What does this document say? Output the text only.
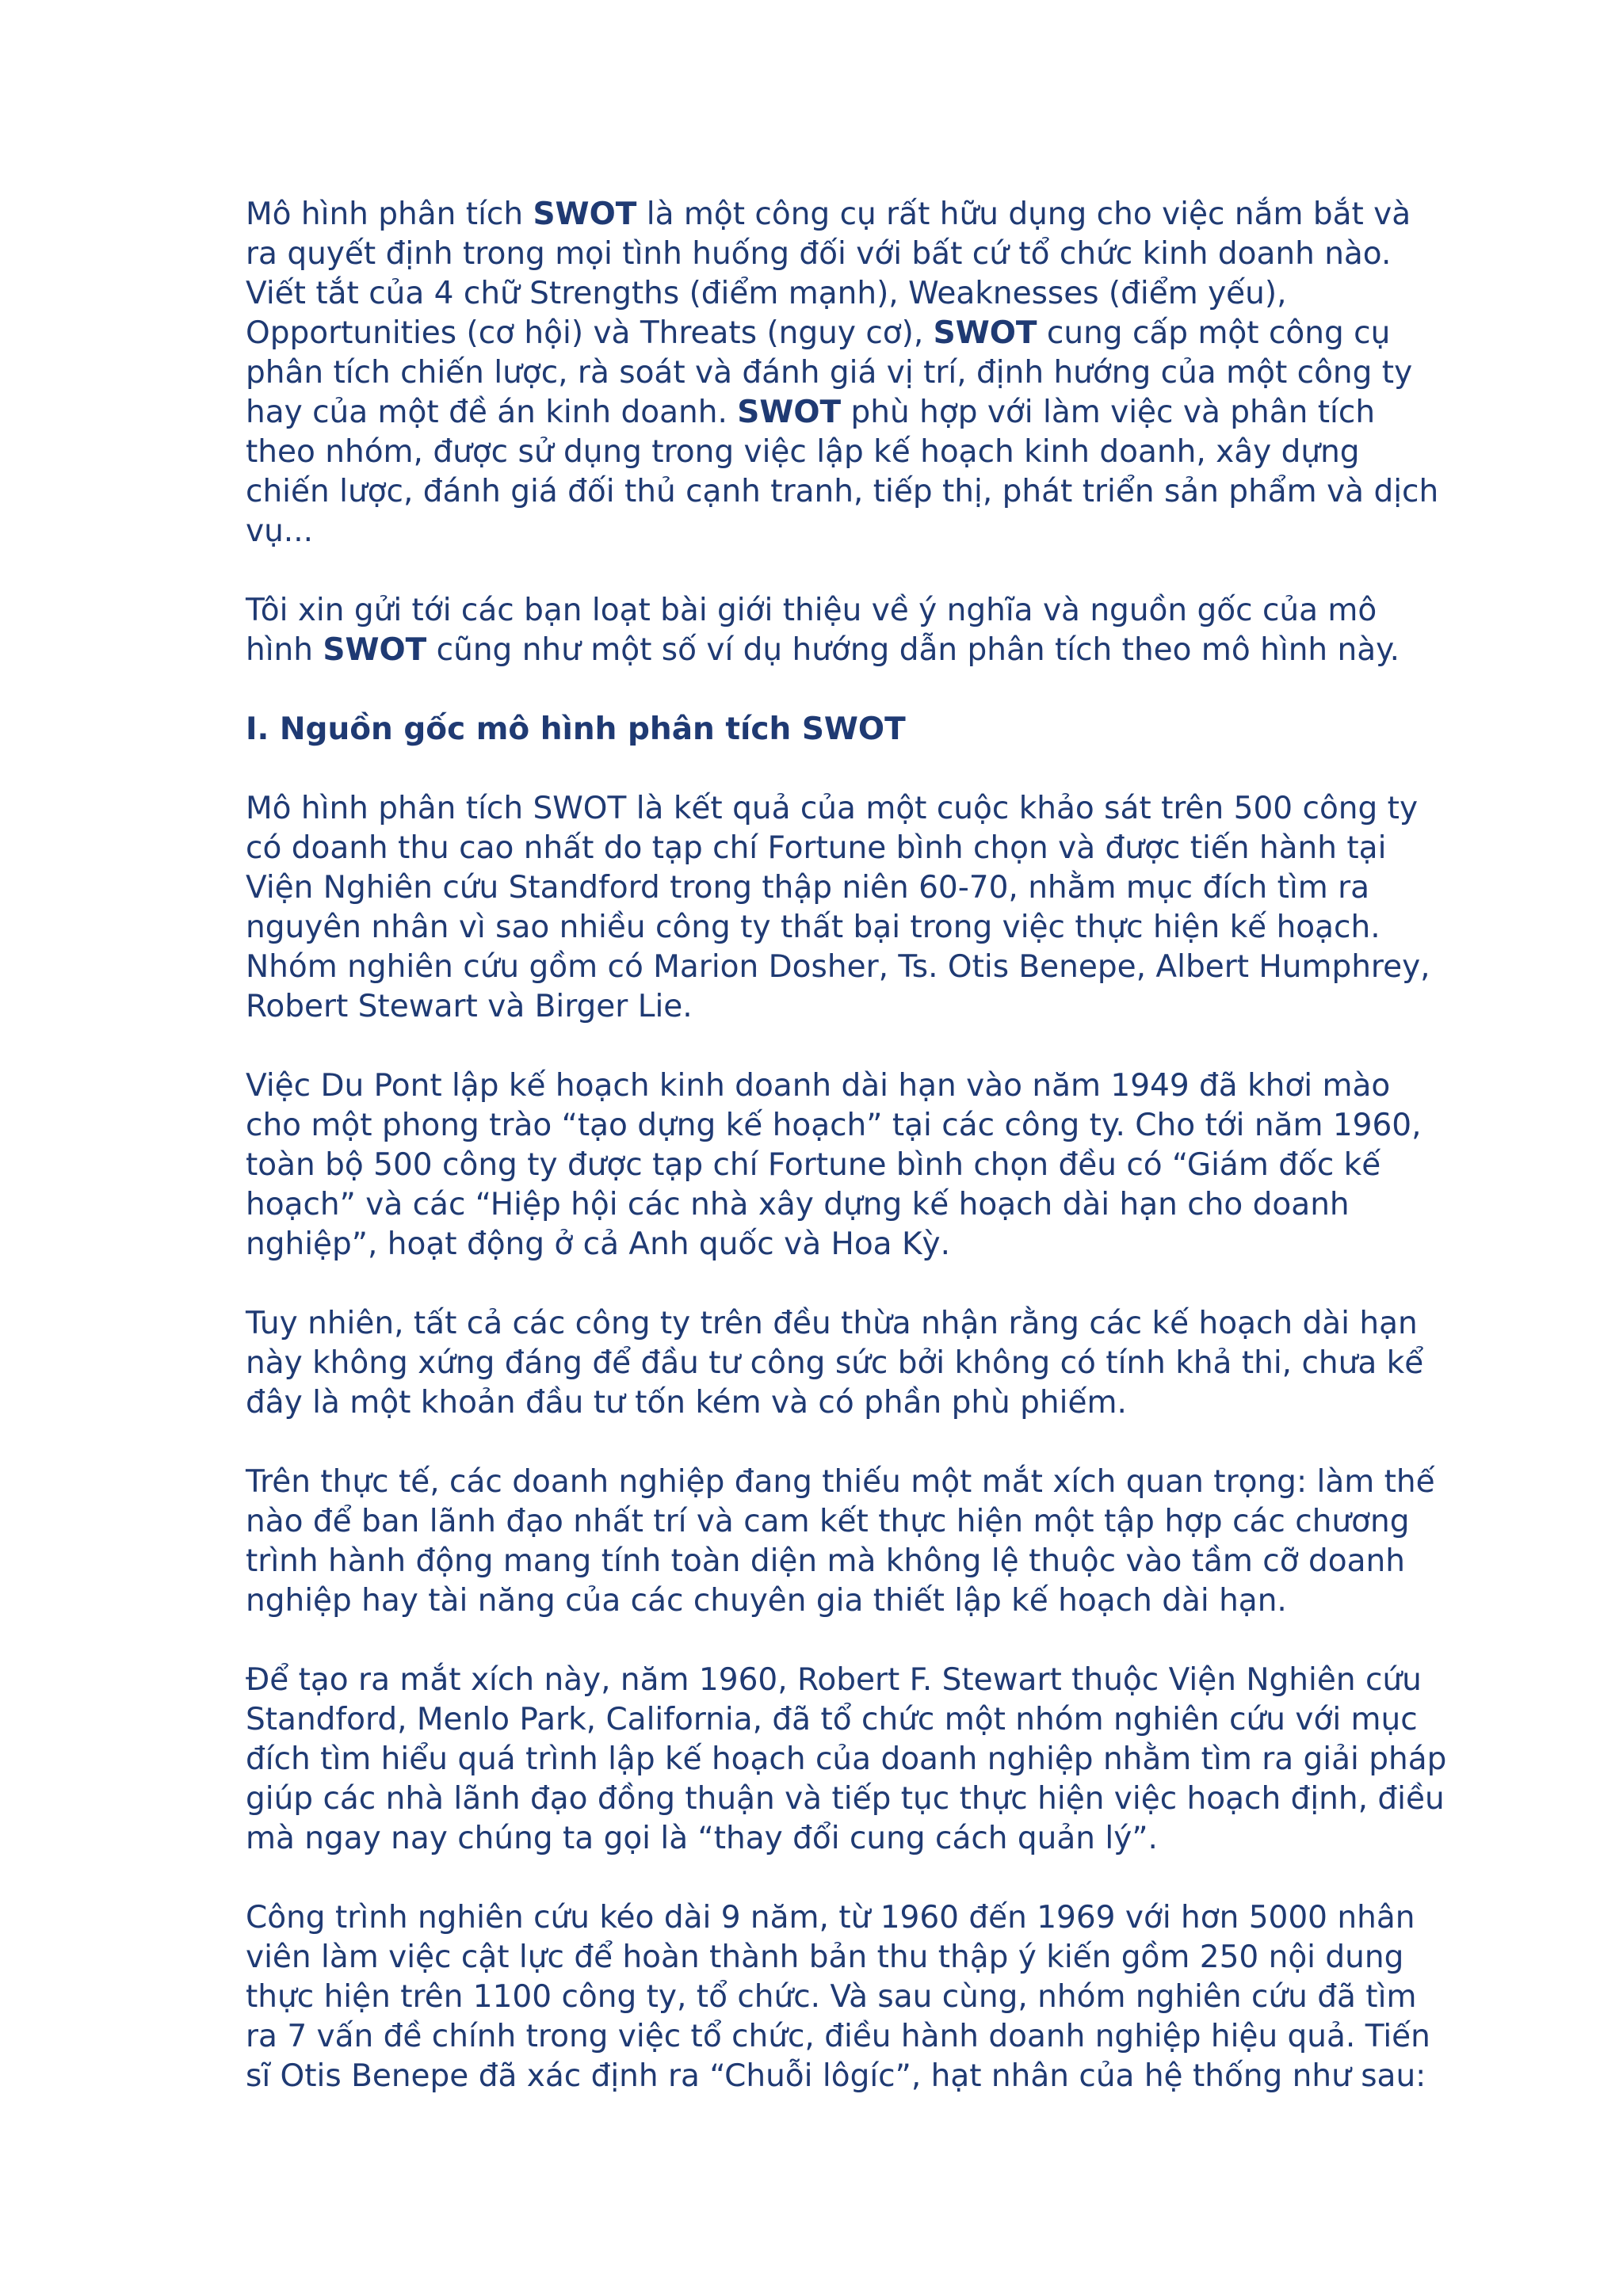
Mô hình phân tích SWOT là một công cụ rất hữu dụng cho việc nắm bắt và
ra quyết định trong mọi tình huống đối với bất cứ tổ chức kinh doanh nào.
Viết tắt của 4 chữ Strengths (điểm mạnh), Weaknesses (điểm yếu),
Opportunities (cơ hội) và Threats (nguy cơ), SWOT cung cấp một công cụ
phân tích chiến lược, rà soát và đánh giá vị trí, định hướng của một công ty
hay của một đề án kinh doanh. SWOT phù hợp với làm việc và phân tích
theo nhóm, được sử dụng trong việc lập kế hoạch kinh doanh, xây dựng
chiến lược, đánh giá đối thủ cạnh tranh, tiếp thị, phát triển sản phẩm và dịch
vụ...

Tôi xin gửi tới các bạn loạt bài giới thiệu về ý nghĩa và nguồn gốc của mô
hình SWOT cũng như một số ví dụ hướng dẫn phân tích theo mô hình này.

I. Nguồn gốc mô hình phân tích SWOT

Mô hình phân tích SWOT là kết quả của một cuộc khảo sát trên 500 công ty
có doanh thu cao nhất do tạp chí Fortune bình chọn và được tiến hành tại
Viện Nghiên cứu Standford trong thập niên 60-70, nhằm mục đích tìm ra
nguyên nhân vì sao nhiều công ty thất bại trong việc thực hiện kế hoạch.
Nhóm nghiên cứu gồm có Marion Dosher, Ts. Otis Benepe, Albert Humphrey,
Robert Stewart và Birger Lie.

Việc Du Pont lập kế hoạch kinh doanh dài hạn vào năm 1949 đã khơi mào
cho một phong trào “tạo dựng kế hoạch” tại các công ty. Cho tới năm 1960,
toàn bộ 500 công ty được tạp chí Fortune bình chọn đều có “Giám đốc kế
hoạch” và các “Hiệp hội các nhà xây dựng kế hoạch dài hạn cho doanh
nghiệp”, hoạt động ở cả Anh quốc và Hoa Kỳ.

Tuy nhiên, tất cả các công ty trên đều thừa nhận rằng các kế hoạch dài hạn
này không xứng đáng để đầu tư công sức bởi không có tính khả thi, chưa kể
đây là một khoản đầu tư tốn kém và có phần phù phiếm.

Trên thực tế, các doanh nghiệp đang thiếu một mắt xích quan trọng: làm thế
nào để ban lãnh đạo nhất trí và cam kết thực hiện một tập hợp các chương
trình hành động mang tính toàn diện mà không lệ thuộc vào tầm cỡ doanh
nghiệp hay tài năng của các chuyên gia thiết lập kế hoạch dài hạn.

Để tạo ra mắt xích này, năm 1960, Robert F. Stewart thuộc Viện Nghiên cứu
Standford, Menlo Park, California, đã tổ chức một nhóm nghiên cứu với mục
đích tìm hiểu quá trình lập kế hoạch của doanh nghiệp nhằm tìm ra giải pháp
giúp các nhà lãnh đạo đồng thuận và tiếp tục thực hiện việc hoạch định, điều
mà ngay nay chúng ta gọi là “thay đổi cung cách quản lý”.

Công trình nghiên cứu kéo dài 9 năm, từ 1960 đến 1969 với hơn 5000 nhân
viên làm việc cật lực để hoàn thành bản thu thập ý kiến gồm 250 nội dung
thực hiện trên 1100 công ty, tổ chức. Và sau cùng, nhóm nghiên cứu đã tìm
ra 7 vấn đề chính trong việc tổ chức, điều hành doanh nghiệp hiệu quả. Tiến
sĩ Otis Benepe đã xác định ra “Chuỗi lôgíc”, hạt nhân của hệ thống như sau:
